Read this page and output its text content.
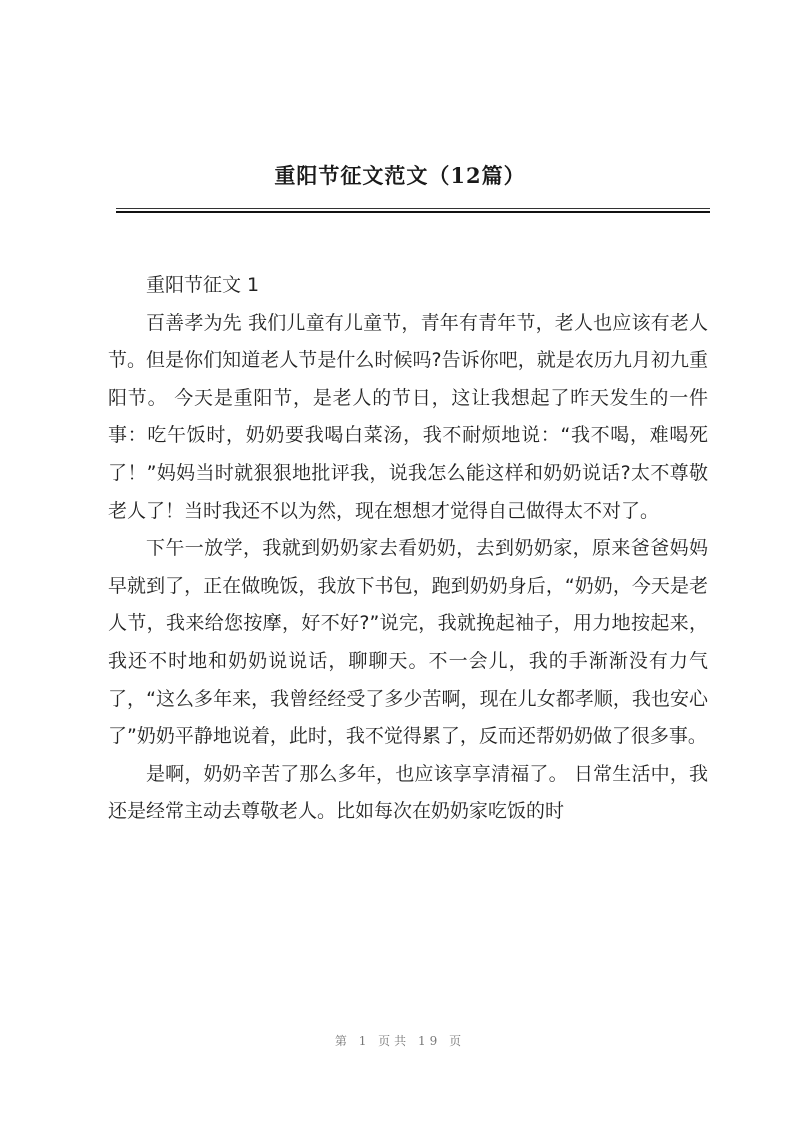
重阳节征文范文（12篇）

重阳节征文 1

百善孝为先 我们儿童有儿童节，青年有青年节，老人也应该有老人节。但是你们知道老人节是什么时候吗?告诉你吧，就是农历九月初九重阳节。 今天是重阳节，是老人的节日，这让我想起了昨天发生的一件事：吃午饭时，奶奶要我喝白菜汤，我不耐烦地说：“我不喝，难喝死了！”妈妈当时就狠狠地批评我，说我怎么能这样和奶奶说话?太不尊敬老人了！当时我还不以为然，现在想想才觉得自己做得太不对了。

下午一放学，我就到奶奶家去看奶奶，去到奶奶家，原来爸爸妈妈早就到了，正在做晚饭，我放下书包，跑到奶奶身后，“奶奶，今天是老人节，我来给您按摩，好不好?”说完，我就挽起袖子，用力地按起来，我还不时地和奶奶说说话，聊聊天。不一会儿，我的手渐渐没有力气了，“这么多年来，我曾经经受了多少苦啊，现在儿女都孝顺，我也安心了”奶奶平静地说着，此时，我不觉得累了，反而还帮奶奶做了很多事。

是啊，奶奶辛苦了那么多年，也应该享享清福了。 日常生活中，我还是经常主动去尊敬老人。比如每次在奶奶家吃饭的时

第 1 页共 19 页
